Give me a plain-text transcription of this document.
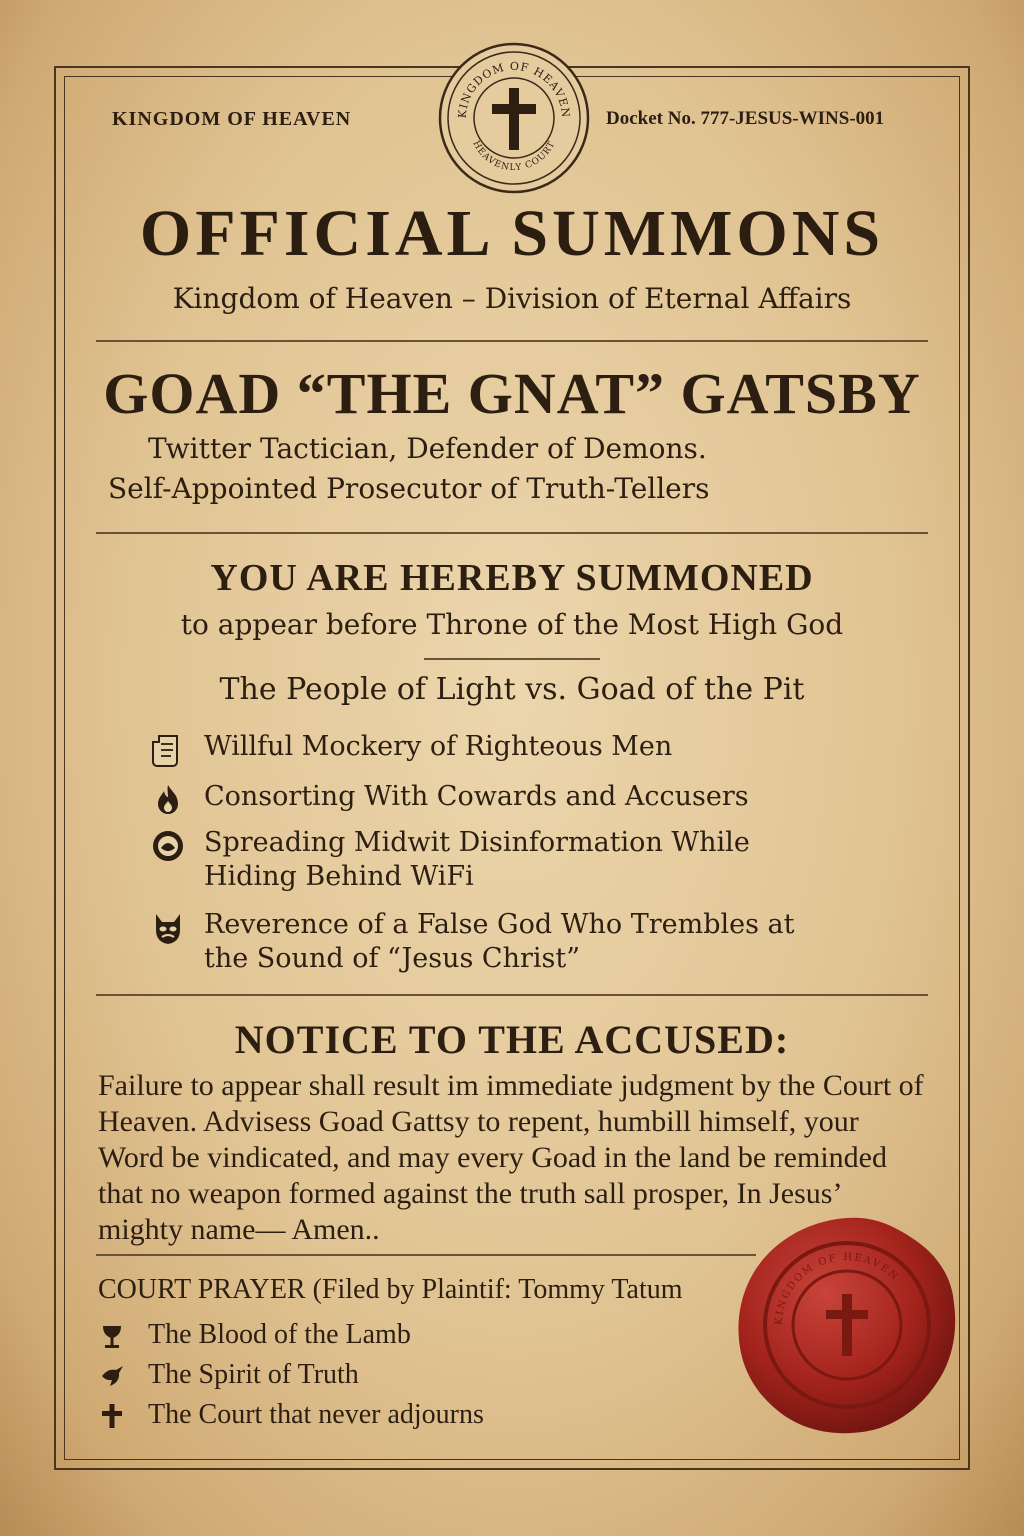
KINGDOM OF HEAVEN	Docket No. 777-JESUS-WINS-001
KINGDOM OF HEAVEN
HEAVENLY COURT
OFFICIAL SUMMONS
Kingdom of Heaven – Division of Eternal Affairs
GOAD “THE GNAT” GATSBY
Twitter Tactician, Defender of Demons.
Self-Appointed Prosecutor of Truth-Tellers
YOU ARE HEREBY SUMMONED
to appear before Throne of the Most High God
The People of Light vs. Goad of the Pit
Willful Mockery of Righteous Men
Consorting With Cowards and Accusers
Spreading Midwit Disinformation While
Hiding Behind WiFi
Reverence of a False God Who Trembles at
the Sound of “Jesus Christ”
NOTICE TO THE ACCUSED:
Failure to appear shall result im immediate judgment by the Court of Heaven. Advisess Goad Gattsy to repent, humbill himself, your Word be vindicated, and may every Goad in the land be reminded that no weapon formed against the truth sall prosper, In Jesus’ mighty name— Amen..
COURT PRAYER (Filed by Plaintif: Tommy Tatum
The Blood of the Lamb
The Spirit of Truth
The Court that never adjourns
KINGDOM OF HEAVEN
